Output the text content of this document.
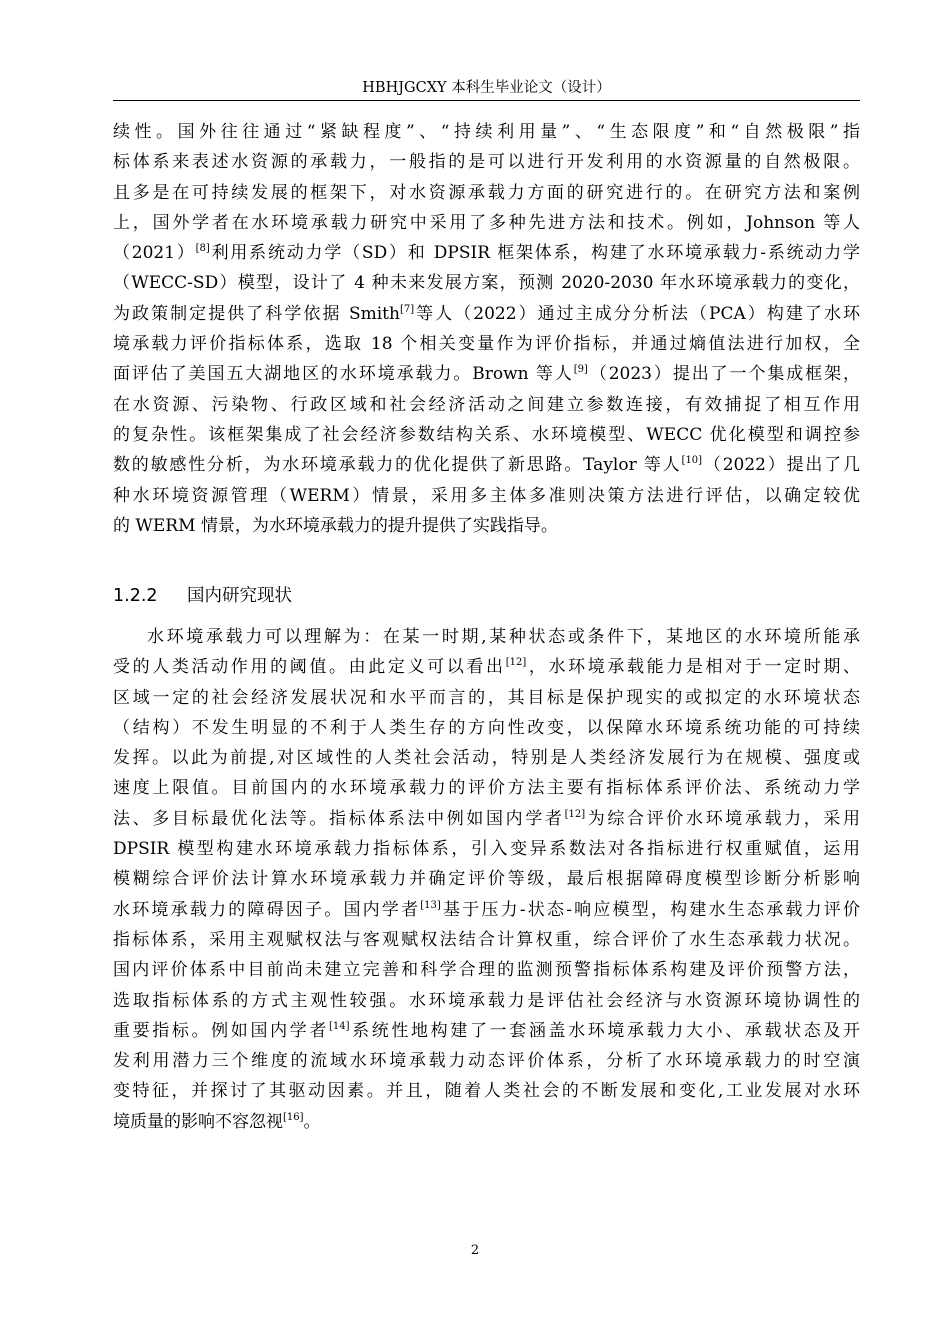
HBHJGCXY 本科生毕业论文（设计）
续性。国外往往通过“紧缺程度”、“持续利用量”、“生态限度”和“自然极限”指
标体系来表述水资源的承载力，一般指的是可以进行开发利用的水资源量的自然极限。
且多是在可持续发展的框架下，对水资源承载力方面的研究进行的。在研究方法和案例
上，国外学者在水环境承载力研究中采用了多种先进方法和技术。例如，Johnson 等人
（2021）[8]利用系统动力学（SD）和 DPSIR 框架体系，构建了水环境承载力-系统动力学
（WECC-SD）模型，设计了 4 种未来发展方案，预测 2020-2030 年水环境承载力的变化，
为政策制定提供了科学依据 Smith[7]等人（2022）通过主成分分析法（PCA）构建了水环
境承载力评价指标体系，选取 18 个相关变量作为评价指标，并通过熵值法进行加权，全
面评估了美国五大湖地区的水环境承载力。Brown 等人[9]（2023）提出了一个集成框架，
在水资源、污染物、行政区域和社会经济活动之间建立参数连接，有效捕捉了相互作用
的复杂性。该框架集成了社会经济参数结构关系、水环境模型、WECC 优化模型和调控参
数的敏感性分析，为水环境承载力的优化提供了新思路。Taylor 等人[10]（2022）提出了几
种水环境资源管理（WERM）情景，采用多主体多准则决策方法进行评估，以确定较优
的 WERM 情景，为水环境承载力的提升提供了实践指导。
1.2.2 国内研究现状
水环境承载力可以理解为：在某一时期,某种状态或条件下，某地区的水环境所能承
受的人类活动作用的阈值。由此定义可以看出[12]，水环境承载能力是相对于一定时期、
区域一定的社会经济发展状况和水平而言的，其目标是保护现实的或拟定的水环境状态
（结构）不发生明显的不利于人类生存的方向性改变，以保障水环境系统功能的可持续
发挥。以此为前提,对区域性的人类社会活动，特别是人类经济发展行为在规模、强度或
速度上限值。目前国内的水环境承载力的评价方法主要有指标体系评价法、系统动力学
法、多目标最优化法等。指标体系法中例如国内学者[12]为综合评价水环境承载力，采用
DPSIR 模型构建水环境承载力指标体系，引入变异系数法对各指标进行权重赋值，运用
模糊综合评价法计算水环境承载力并确定评价等级，最后根据障碍度模型诊断分析影响
水环境承载力的障碍因子。国内学者[13]基于压力-状态-响应模型，构建水生态承载力评价
指标体系，采用主观赋权法与客观赋权法结合计算权重，综合评价了水生态承载力状况。
国内评价体系中目前尚未建立完善和科学合理的监测预警指标体系构建及评价预警方法，
选取指标体系的方式主观性较强。水环境承载力是评估社会经济与水资源环境协调性的
重要指标。例如国内学者[14]系统性地构建了一套涵盖水环境承载力大小、承载状态及开
发利用潜力三个维度的流域水环境承载力动态评价体系，分析了水环境承载力的时空演
变特征，并探讨了其驱动因素。并且，随着人类社会的不断发展和变化,工业发展对水环
境质量的影响不容忽视[16]。
2
